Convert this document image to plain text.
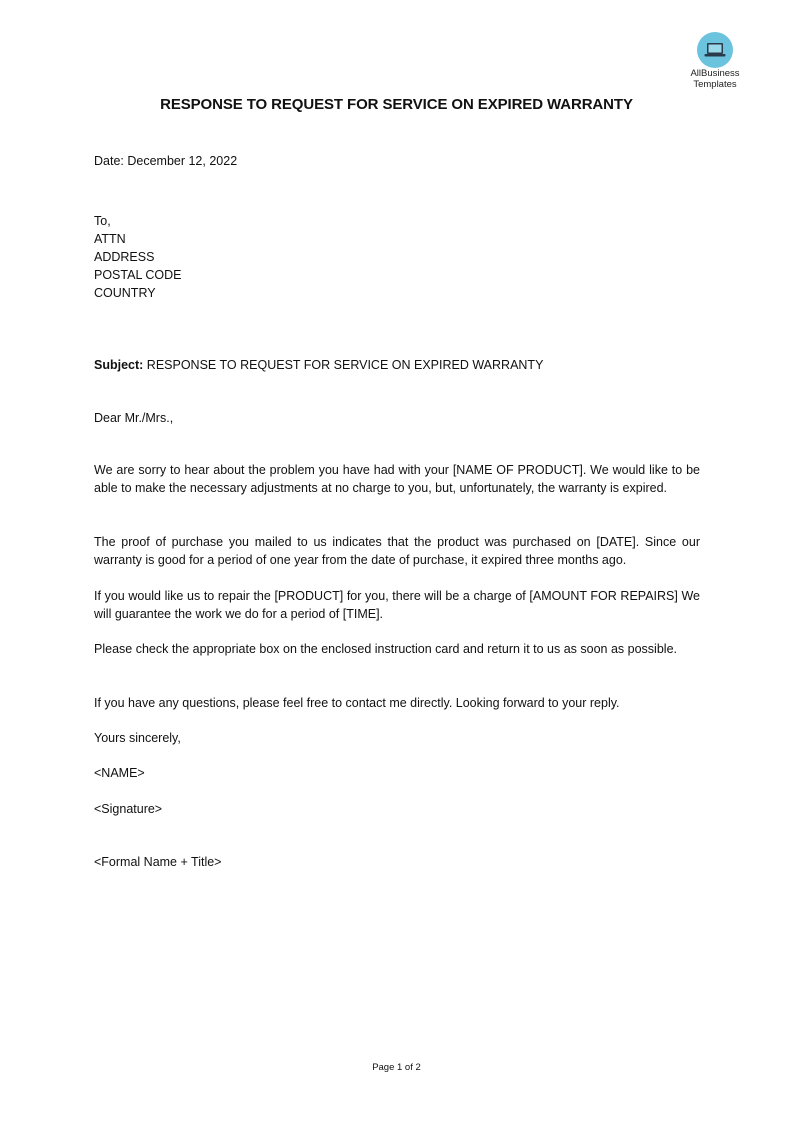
AllBusiness
Templates
RESPONSE TO REQUEST FOR SERVICE ON EXPIRED WARRANTY
Date: December 12, 2022
To,
ATTN
ADDRESS
POSTAL CODE
COUNTRY
Subject: RESPONSE TO REQUEST FOR SERVICE ON EXPIRED WARRANTY
Dear Mr./Mrs.,
We are sorry to hear about the problem you have had with your [NAME OF PRODUCT]. We would like to be able to make the necessary adjustments at no charge to you, but, unfortunately, the warranty is expired.
The proof of purchase you mailed to us indicates that the product was purchased on [DATE]. Since our warranty is good for a period of one year from the date of purchase, it expired three months ago.
If you would like us to repair the [PRODUCT] for you, there will be a charge of [AMOUNT FOR REPAIRS] We will guarantee the work we do for a period of [TIME].
Please check the appropriate box on the enclosed instruction card and return it to us as soon as possible.
If you have any questions, please feel free to contact me directly. Looking forward to your reply.
Yours sincerely,
<NAME>
<Signature>
<Formal Name + Title>
Page 1 of 2
